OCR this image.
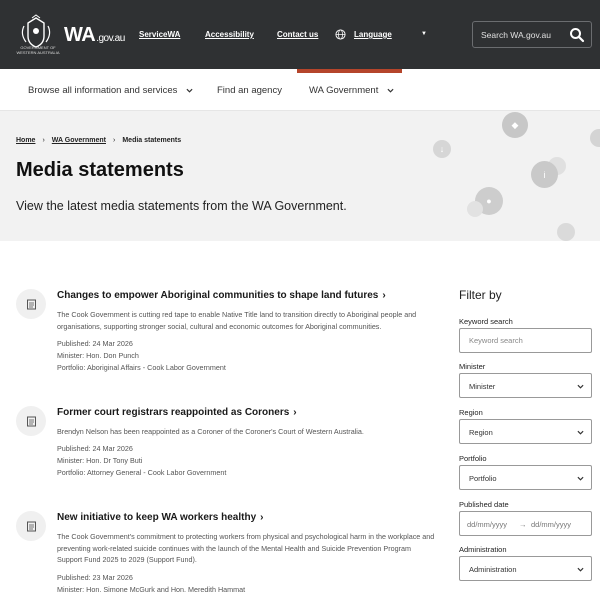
GOVERNMENT OF WESTERN AUSTRALIA
WA.gov.au ServiceWA	Accessibility	Contact us	Language	▼
Search WA.gov.au
Browse all information and services	Find an agency	WA Government
◆
↓
i
●
Home › WA Government › Media statements
Media statements
View the latest media statements from the WA Government.
Changes to empower Aboriginal communities to shape land futures ›
The Cook Government is cutting red tape to enable Native Title land to transition directly to Aboriginal people and organisations, supporting stronger social, cultural and economic outcomes for Aboriginal communities.
Published: 24 Mar 2026
Minister: Hon. Don Punch
Portfolio: Aboriginal Affairs - Cook Labor Government
Former court registrars reappointed as Coroners ›
Brendyn Nelson has been reappointed as a Coroner of the Coroner's Court of Western Australia.
Published: 24 Mar 2026
Minister: Hon. Dr Tony Buti
Portfolio: Attorney General - Cook Labor Government
New initiative to keep WA workers healthy ›
The Cook Government's commitment to protecting workers from physical and psychological harm in the workplace and preventing work-related suicide continues with the launch of the Mental Health and Suicide Prevention Program Support Fund 2025 to 2029 (Support Fund).
Published: 23 Mar 2026
Minister: Hon. Simone McGurk and Hon. Meredith Hammat
Filter by
Keyword search
Keyword search
Minister
Minister
Region
Region
Portfolio
Portfolio
Published date
dd/mm/yyyy → dd/mm/yyyy
Administration
Administration
